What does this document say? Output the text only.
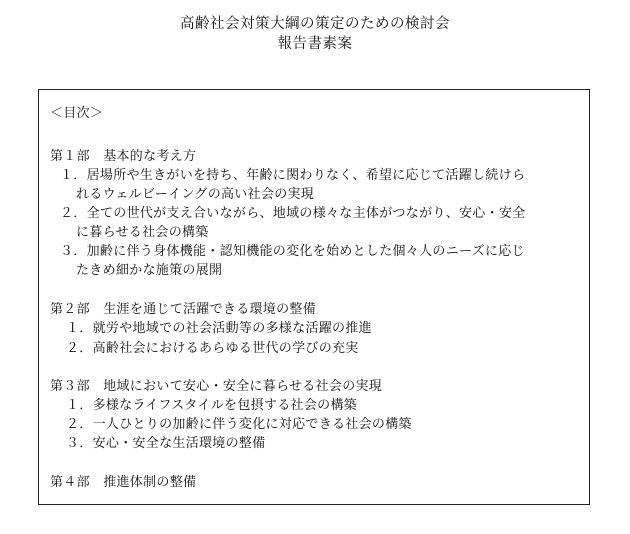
高齢社会対策大綱の策定のための検討会
報告書素案
＜目次＞
第１部　基本的な考え方
１．居場所や生きがいを持ち、年齢に関わりなく、希望に応じて活躍し続けら
れるウェルビーイングの高い社会の実現
２．全ての世代が支え合いながら、地域の様々な主体がつながり、安心・安全
に暮らせる社会の構築
３．加齢に伴う身体機能・認知機能の変化を始めとした個々人のニーズに応じ
たきめ細かな施策の展開
第２部　生涯を通じて活躍できる環境の整備
１．就労や地域での社会活動等の多様な活躍の推進
２．高齢社会におけるあらゆる世代の学びの充実
第３部　地域において安心・安全に暮らせる社会の実現
１．多様なライフスタイルを包摂する社会の構築
２．一人ひとりの加齢に伴う変化に対応できる社会の構築
３．安心・安全な生活環境の整備
第４部　推進体制の整備
